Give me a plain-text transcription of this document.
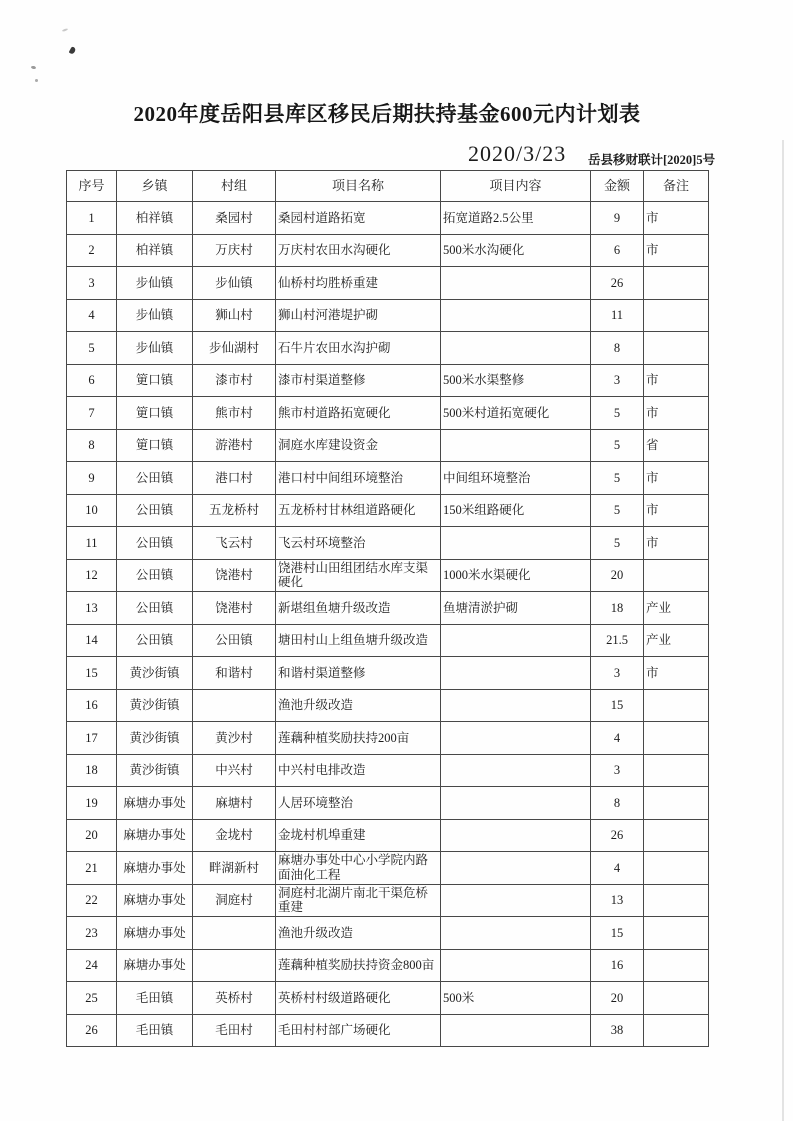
2020年度岳阳县库区移民后期扶持基金600元内计划表
2020/3/23 岳县移财联计[2020]5号
序号	乡镇	村组	项目名称	项目内容	金额	备注
1	柏祥镇	桑园村	桑园村道路拓宽	拓宽道路2.5公里	9	市
2	柏祥镇	万庆村	万庆村农田水沟硬化	500米水沟硬化	6	市
3	步仙镇	步仙镇	仙桥村均胜桥重建		26	
4	步仙镇	狮山村	狮山村河港堤护砌		11	
5	步仙镇	步仙湖村	石牛片农田水沟护砌		8	
6	筻口镇	漆市村	漆市村渠道整修	500米水渠整修	3	市
7	筻口镇	熊市村	熊市村道路拓宽硬化	500米村道拓宽硬化	5	市
8	筻口镇	游港村	洞庭水库建设资金		5	省
9	公田镇	港口村	港口村中间组环境整治	中间组环境整治	5	市
10	公田镇	五龙桥村	五龙桥村甘林组道路硬化	150米组路硬化	5	市
11	公田镇	飞云村	飞云村环境整治		5	市
12	公田镇	饶港村	饶港村山田组团结水库支渠硬化	1000米水渠硬化	20	
13	公田镇	饶港村	新堪组鱼塘升级改造	鱼塘清淤护砌	18	产业
14	公田镇	公田镇	塘田村山上组鱼塘升级改造		21.5	产业
15	黄沙街镇	和谐村	和谐村渠道整修		3	市
16	黄沙街镇		渔池升级改造		15	
17	黄沙街镇	黄沙村	莲藕种植奖励扶持200亩		4	
18	黄沙街镇	中兴村	中兴村电排改造		3	
19	麻塘办事处	麻塘村	人居环境整治		8	
20	麻塘办事处	金垅村	金垅村机埠重建		26	
21	麻塘办事处	畔湖新村	麻塘办事处中心小学院内路面油化工程		4	
22	麻塘办事处	洞庭村	洞庭村北湖片南北干渠危桥重建		13	
23	麻塘办事处		渔池升级改造		15	
24	麻塘办事处		莲藕种植奖励扶持资金800亩		16	
25	毛田镇	英桥村	英桥村村级道路硬化	500米	20	
26	毛田镇	毛田村	毛田村村部广场硬化		38	
